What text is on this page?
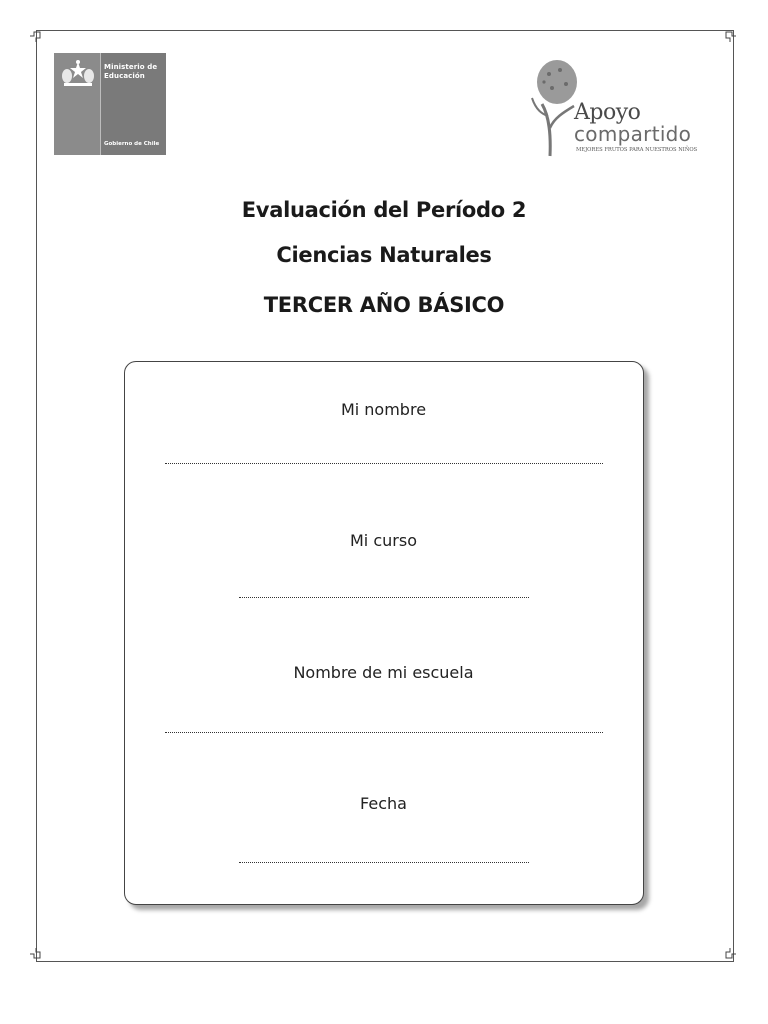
Ministerio de
Educación
Gobierno de Chile
Apoyo
compartido
MEJORES FRUTOS PARA NUESTROS NIÑOS
Evaluación del Período 2
Ciencias Naturales
TERCER AÑO BÁSICO
Mi nombre
Mi curso
Nombre de mi escuela
Fecha
